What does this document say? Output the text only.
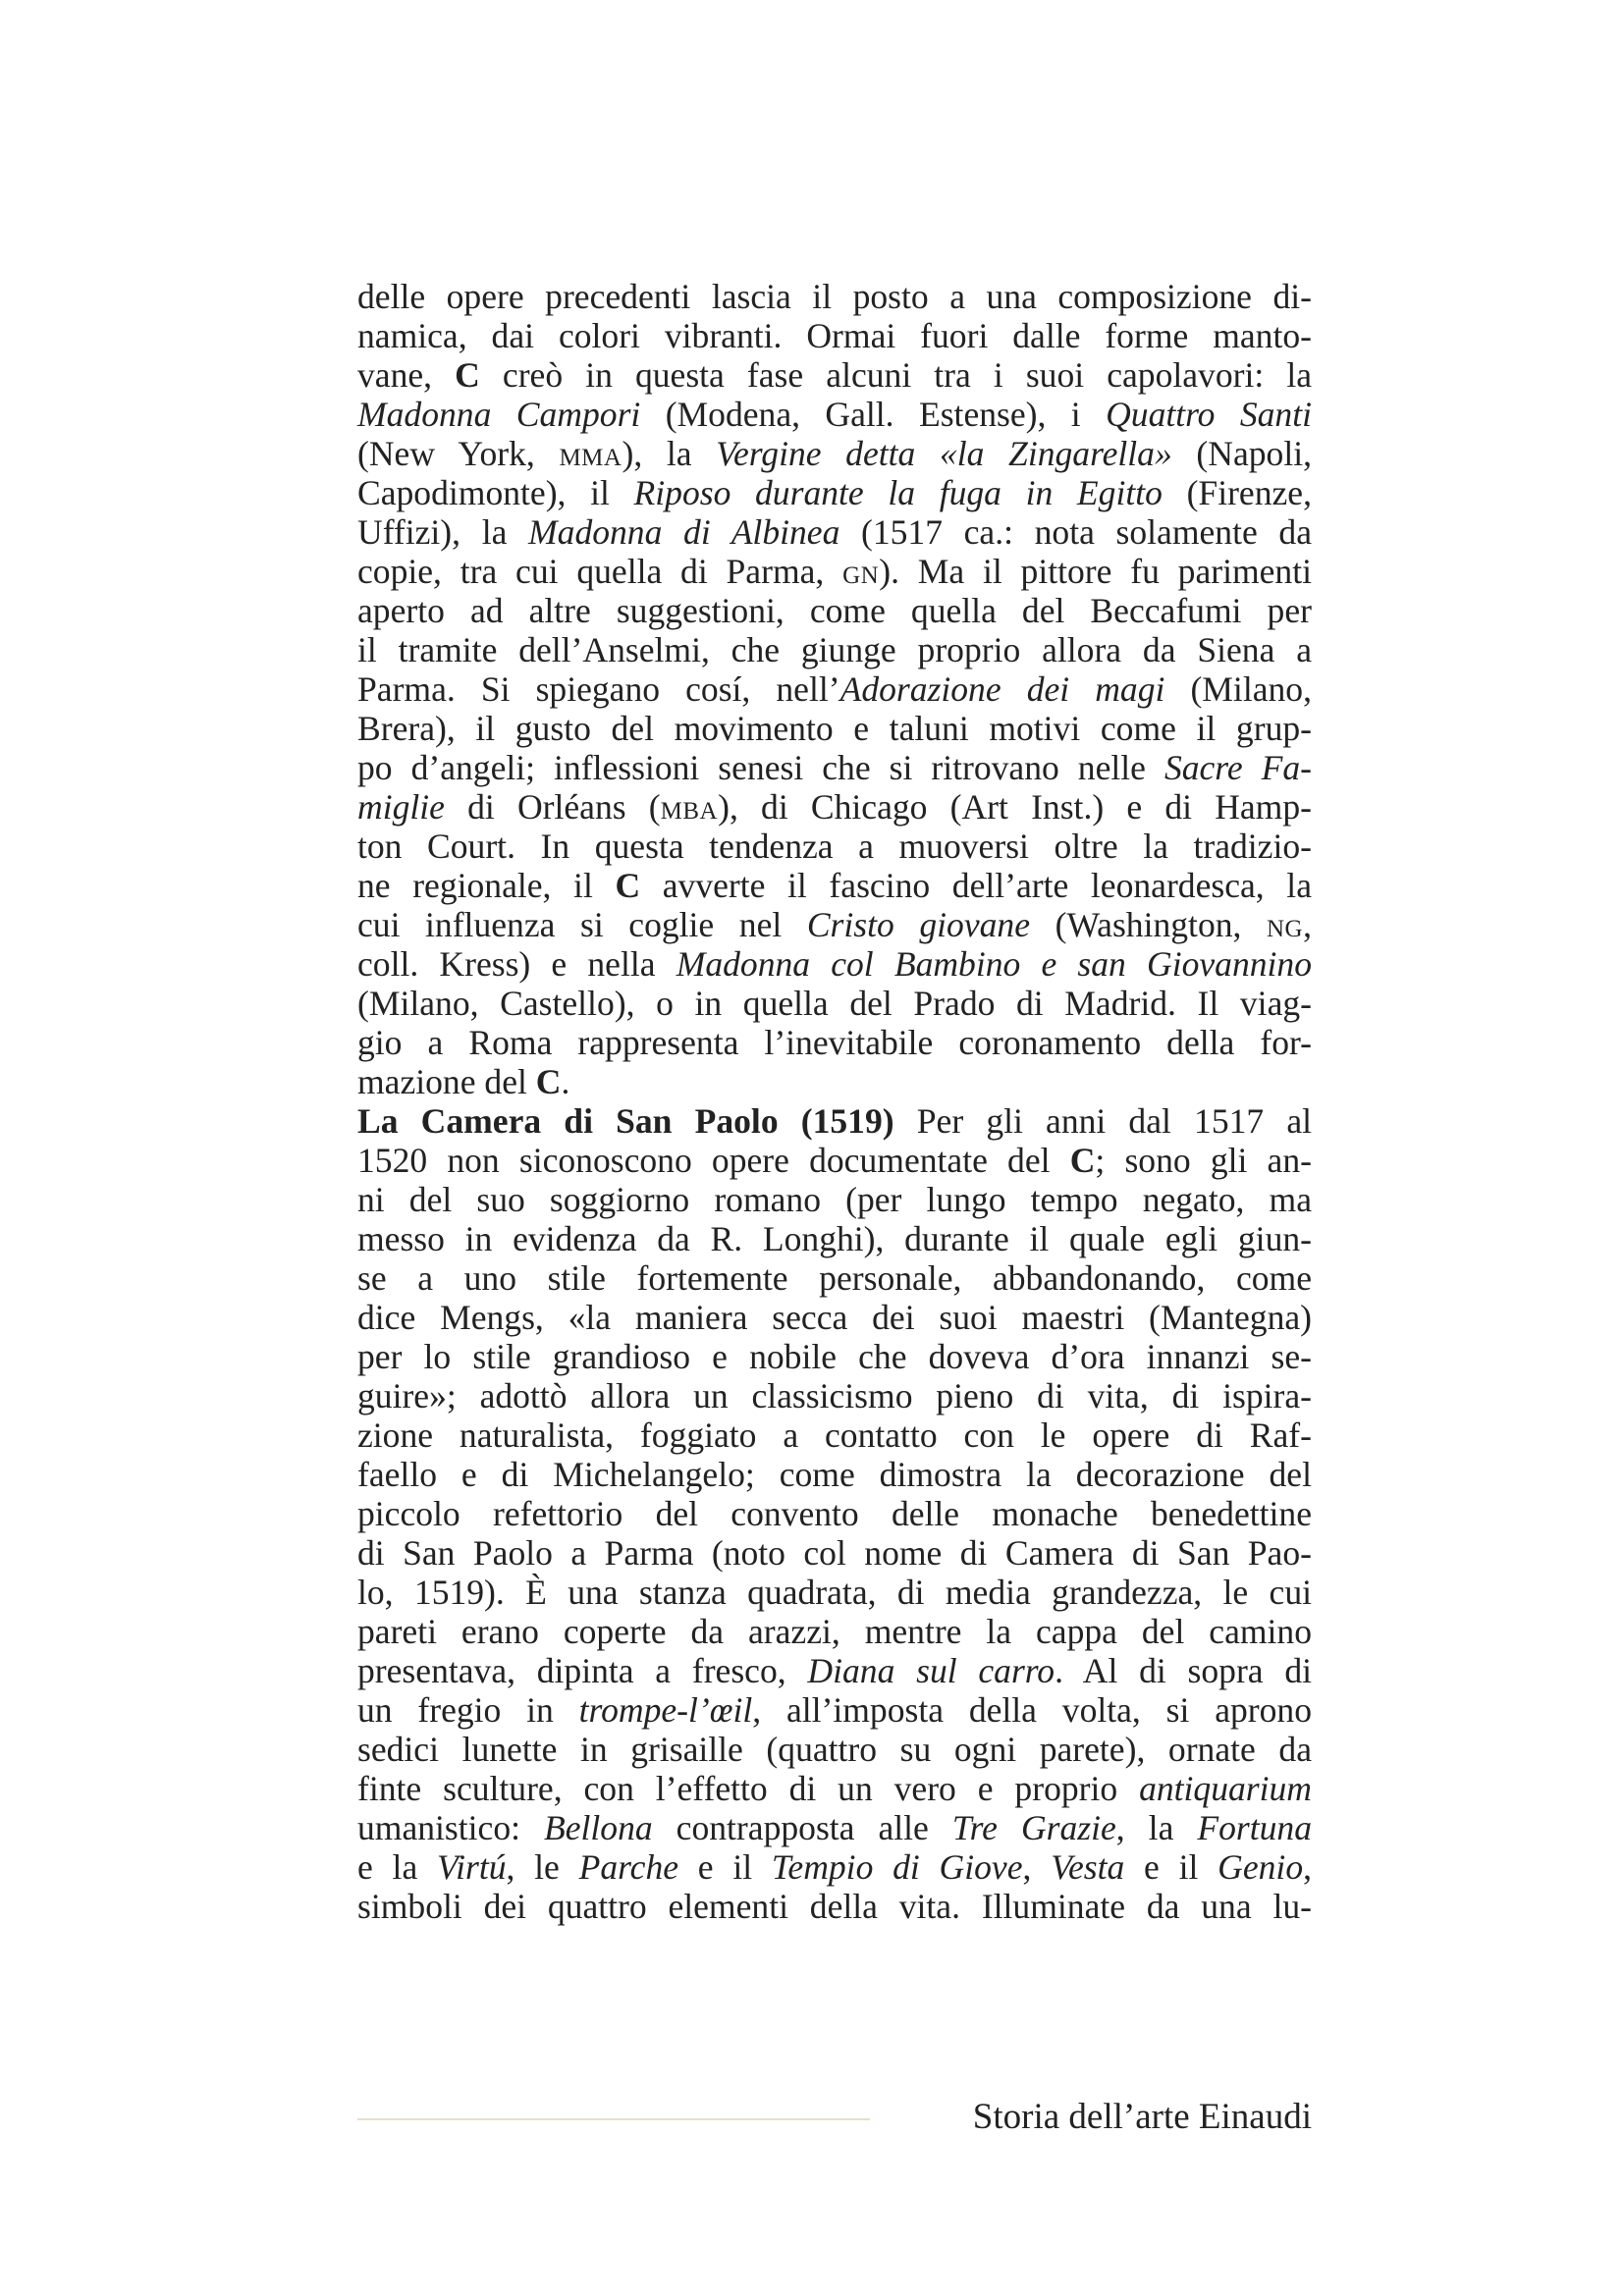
delle opere precedenti lascia il posto a una composizione di-
namica, dai colori vibranti. Ormai fuori dalle forme manto-
vane, C creò in questa fase alcuni tra i suoi capolavori: la
Madonna Campori (Modena, Gall. Estense), i Quattro Santi
(New York, mma), la Vergine detta «la Zingarella» (Napoli,
Capodimonte), il Riposo durante la fuga in Egitto (Firenze,
Uffizi), la Madonna di Albinea (1517 ca.: nota solamente da
copie, tra cui quella di Parma, gn). Ma il pittore fu parimenti
aperto ad altre suggestioni, come quella del Beccafumi per
il tramite dell’Anselmi, che giunge proprio allora da Siena a
Parma. Si spiegano cosí, nell’Adorazione dei magi (Milano,
Brera), il gusto del movimento e taluni motivi come il grup-
po d’angeli; inflessioni senesi che si ritrovano nelle Sacre Fa-
miglie di Orléans (mba), di Chicago (Art Inst.) e di Hamp-
ton Court. In questa tendenza a muoversi oltre la tradizio-
ne regionale, il C avverte il fascino dell’arte leonardesca, la
cui influenza si coglie nel Cristo giovane (Washington, ng,
coll. Kress) e nella Madonna col Bambino e san Giovannino
(Milano, Castello), o in quella del Prado di Madrid. Il viag-
gio a Roma rappresenta l’inevitabile coronamento della for-
mazione del C.
La Camera di San Paolo (1519) Per gli anni dal 1517 al
1520 non siconoscono opere documentate del C; sono gli an-
ni del suo soggiorno romano (per lungo tempo negato, ma
messo in evidenza da R. Longhi), durante il quale egli giun-
se a uno stile fortemente personale, abbandonando, come
dice Mengs, «la maniera secca dei suoi maestri (Mantegna)
per lo stile grandioso e nobile che doveva d’ora innanzi se-
guire»; adottò allora un classicismo pieno di vita, di ispira-
zione naturalista, foggiato a contatto con le opere di Raf-
faello e di Michelangelo; come dimostra la decorazione del
piccolo refettorio del convento delle monache benedettine
di San Paolo a Parma (noto col nome di Camera di San Pao-
lo, 1519). È una stanza quadrata, di media grandezza, le cui
pareti erano coperte da arazzi, mentre la cappa del camino
presentava, dipinta a fresco, Diana sul carro. Al di sopra di
un fregio in trompe-l’œil, all’imposta della volta, si aprono
sedici lunette in grisaille (quattro su ogni parete), ornate da
finte sculture, con l’effetto di un vero e proprio antiquarium
umanistico: Bellona contrapposta alle Tre Grazie, la Fortuna
e la Virtú, le Parche e il Tempio di Giove, Vesta e il Genio,
simboli dei quattro elementi della vita. Illuminate da una lu-
Storia dell’arte Einaudi
